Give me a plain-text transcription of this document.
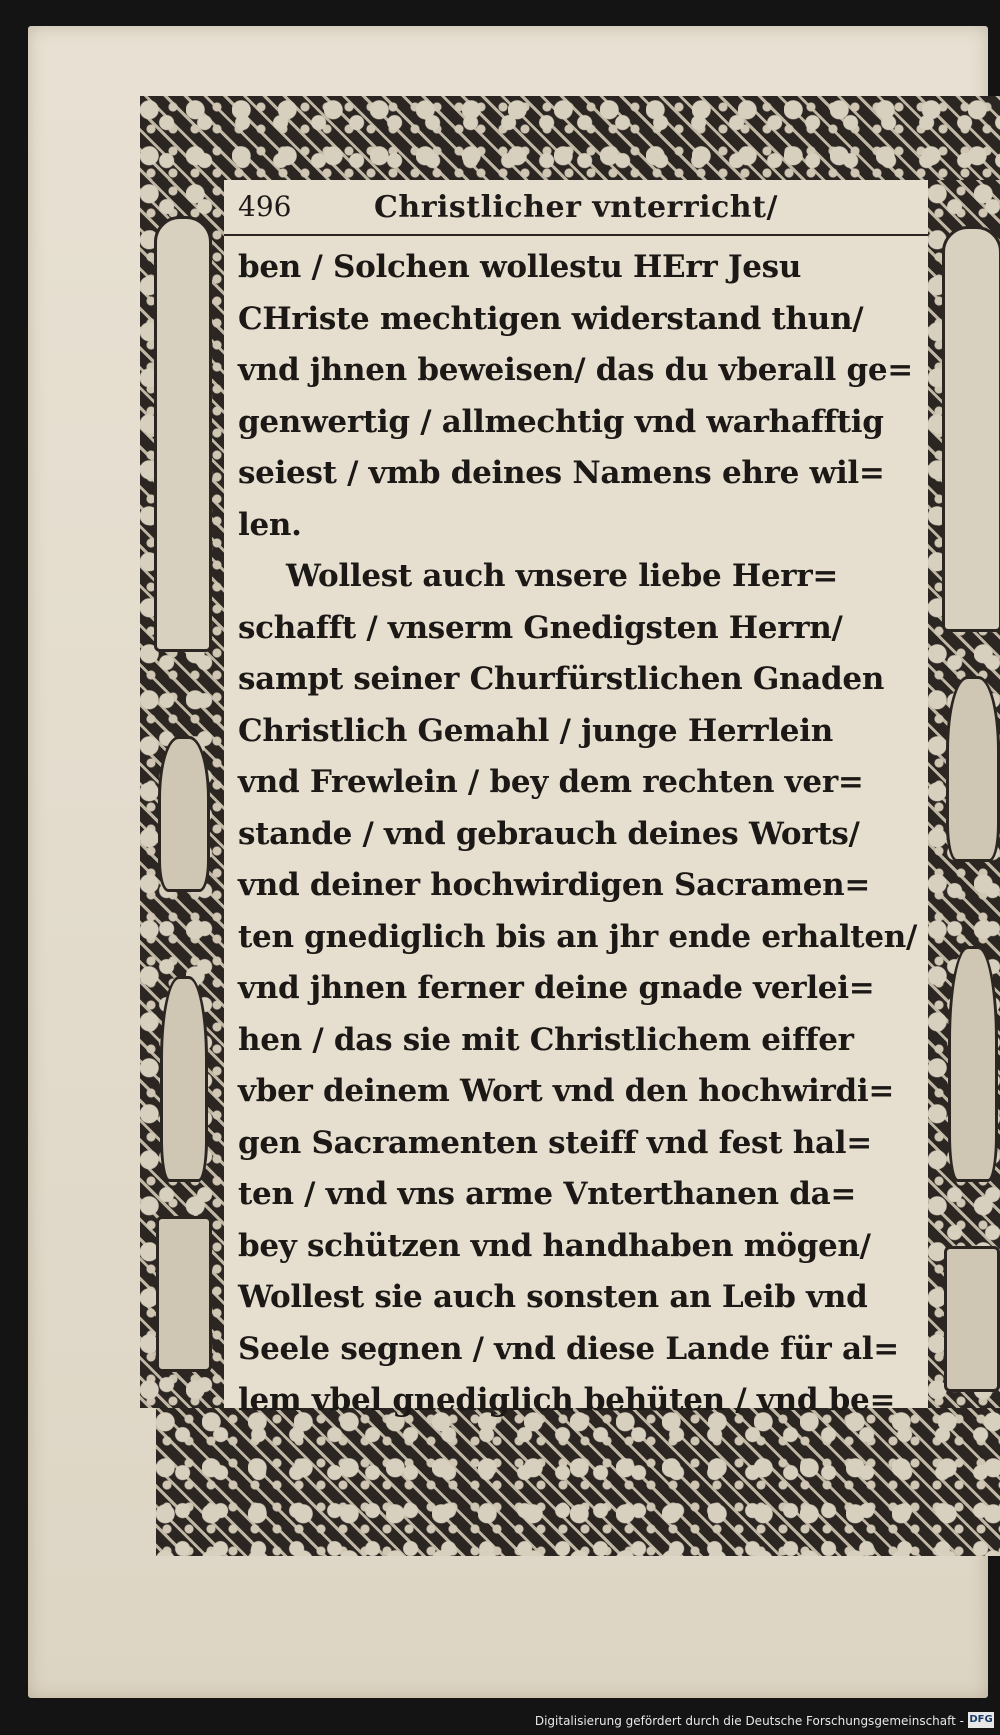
496	Christlicher vnterricht/
ben / Solchen wollestu HErr Jesu
CHriste mechtigen widerstand thun/
vnd jhnen beweisen/ das du vberall ge=
genwertig / allmechtig vnd warhafftig
seiest / vmb deines Namens ehre wil=
len.
Wollest auch vnsere liebe Herr=
schafft / vnserm Gnedigsten Herrn/
sampt seiner Churfürstlichen Gnaden
Christlich Gemahl / junge Herrlein
vnd Frewlein / bey dem rechten ver=
stande / vnd gebrauch deines Worts/
vnd deiner hochwirdigen Sacramen=
ten gnediglich bis an jhr ende erhalten/
vnd jhnen ferner deine gnade verlei=
hen / das sie mit Christlichem eiffer
vber deinem Wort vnd den hochwirdi=
gen Sacramenten steiff vnd fest hal=
ten / vnd vns arme Vnterthanen da=
bey schützen vnd handhaben mögen/
Wollest sie auch sonsten an Leib vnd
Seele segnen / vnd diese Lande für al=
lem vbel gnediglich behüten / vnd be=
Digitalisierung gefördert durch die Deutsche Forschungsgemeinschaft - DFG
